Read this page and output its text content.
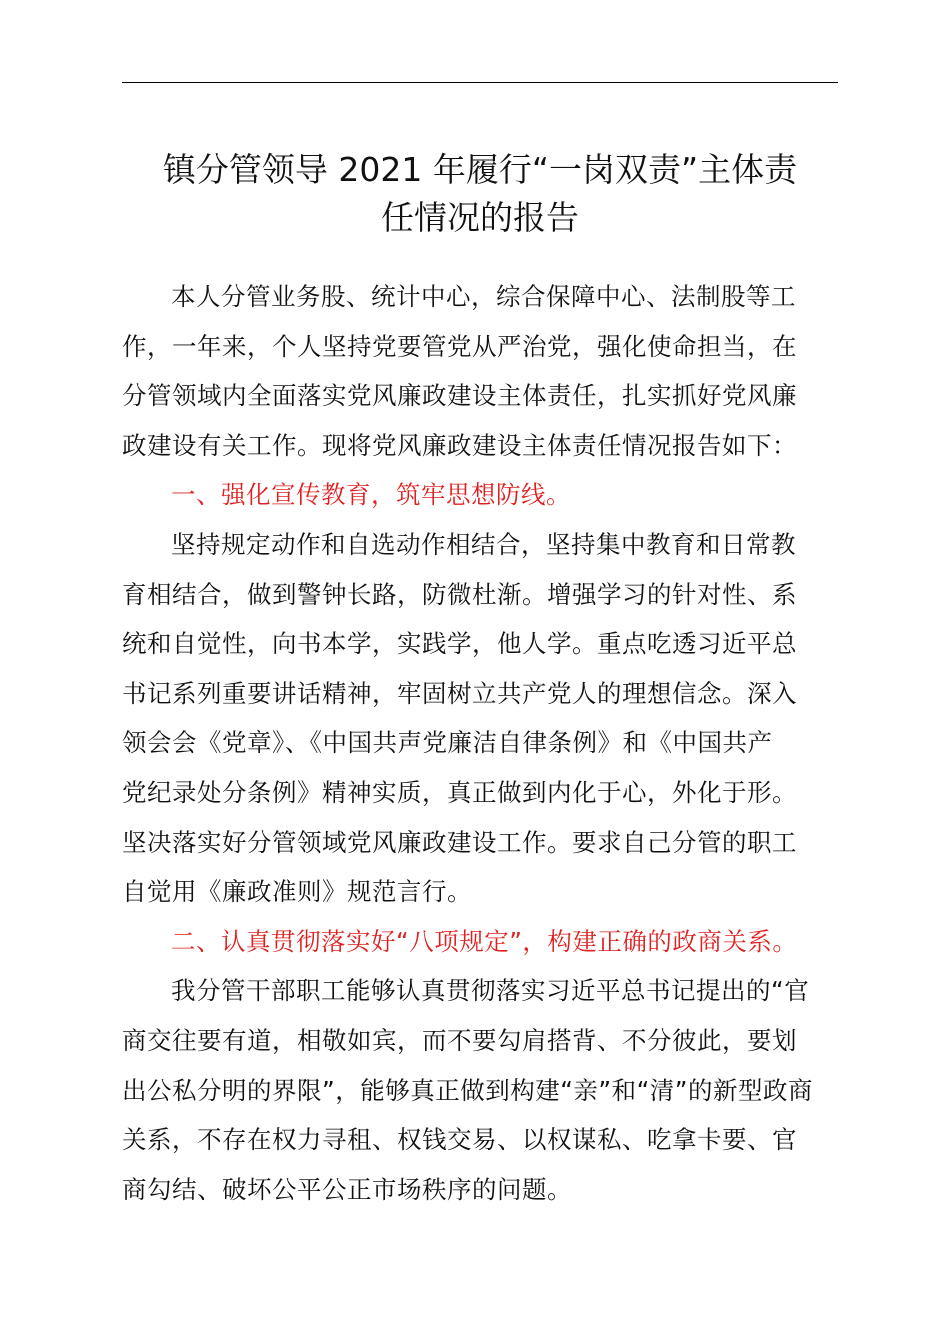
镇分管领导 2021 年履行“一岗双责”主体责
任情况的报告

本人分管业务股、统计中心，综合保障中心、法制股等工
作，一年来，个人坚持党要管党从严治党，强化使命担当，在
分管领域内全面落实党风廉政建设主体责任，扎实抓好党风廉
政建设有关工作。现将党风廉政建设主体责任情况报告如下：

一、强化宣传教育，筑牢思想防线。

坚持规定动作和自选动作相结合，坚持集中教育和日常教
育相结合，做到警钟长路，防微杜渐。增强学习的针对性、系
统和自觉性，向书本学，实践学，他人学。重点吃透习近平总
书记系列重要讲话精神，牢固树立共产党人的理想信念。深入
领会会《党章》、《中国共声党廉洁自律条例》和《中国共产
党纪录处分条例》精神实质，真正做到内化于心，外化于形。
坚决落实好分管领域党风廉政建设工作。要求自己分管的职工
自觉用《廉政准则》规范言行。

二、认真贯彻落实好“八项规定”，构建正确的政商关系。

我分管干部职工能够认真贯彻落实习近平总书记提出的“官
商交往要有道，相敬如宾，而不要勾肩搭背、不分彼此，要划
出公私分明的界限”，能够真正做到构建“亲”和“清”的新型政商
关系，不存在权力寻租、权钱交易、以权谋私、吃拿卡要、官
商勾结、破坏公平公正市场秩序的问题。
